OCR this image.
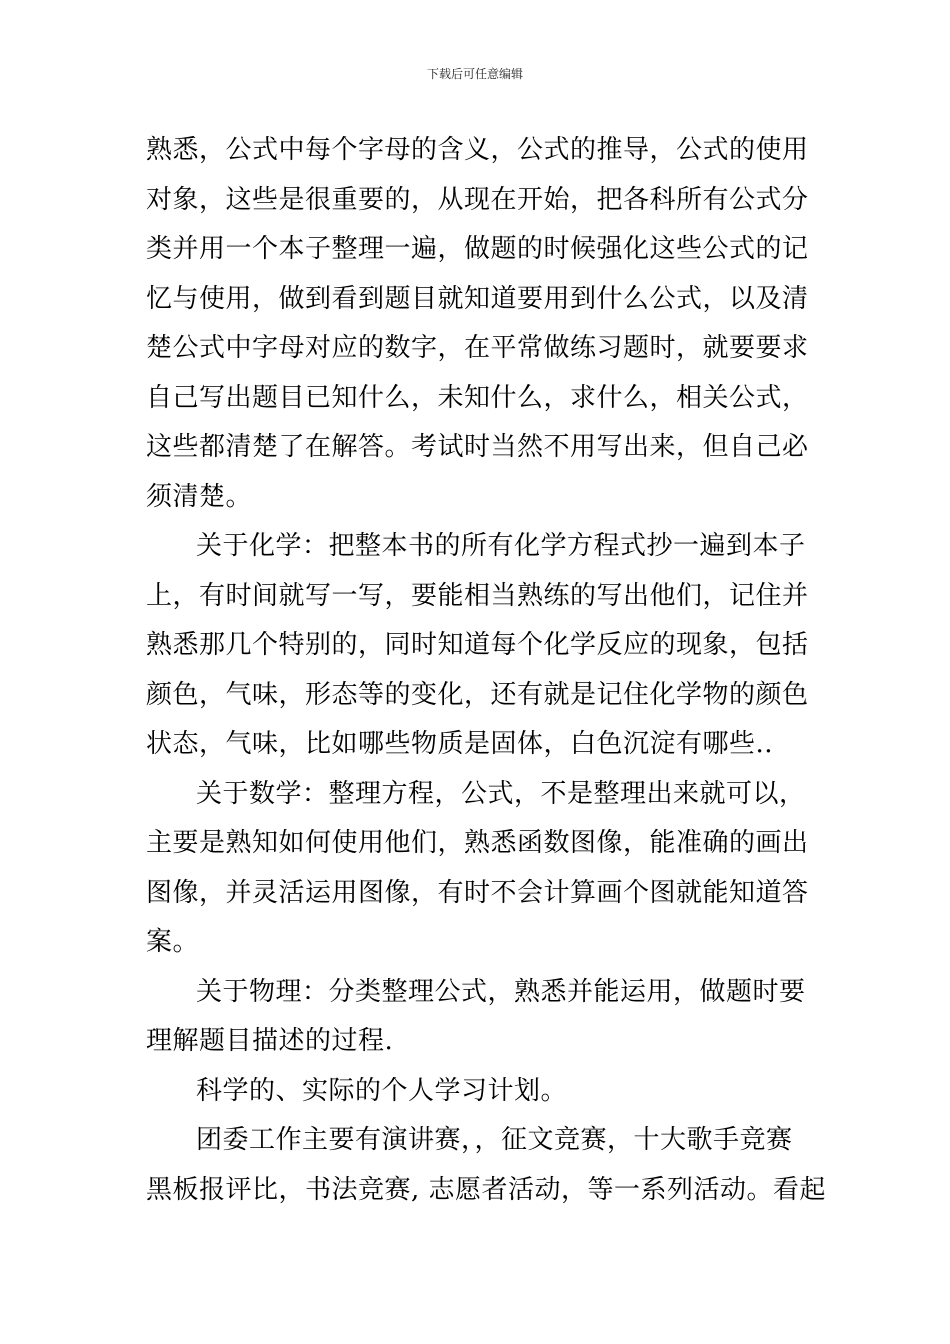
下载后可任意编辑
熟悉，公式中每个字母的含义，公式的推导，公式的使用
对象，这些是很重要的，从现在开始，把各科所有公式分
类并用一个本子整理一遍，做题的时候强化这些公式的记
忆与使用，做到看到题目就知道要用到什么公式，以及清
楚公式中字母对应的数字，在平常做练习题时，就要要求
自己写出题目已知什么，未知什么，求什么，相关公式，
这些都清楚了在解答。考试时当然不用写出来，但自己必
须清楚。
关于化学：把整本书的所有化学方程式抄一遍到本子
上，有时间就写一写，要能相当熟练的写出他们，记住并
熟悉那几个特别的，同时知道每个化学反应的现象，包括
颜色，气味，形态等的变化，还有就是记住化学物的颜色
状态，气味，比如哪些物质是固体，白色沉淀有哪些..
关于数学：整理方程，公式，不是整理出来就可以，
主要是熟知如何使用他们，熟悉函数图像，能准确的画出
图像，并灵活运用图像，有时不会计算画个图就能知道答
案。
关于物理：分类整理公式，熟悉并能运用，做题时要
理解题目描述的过程.
科学的、实际的个人学习计划。
团委工作主要有演讲赛，，征文竞赛，十大歌手竞赛
黑板报评比，书法竞赛, 志愿者活动，等一系列活动。看起
